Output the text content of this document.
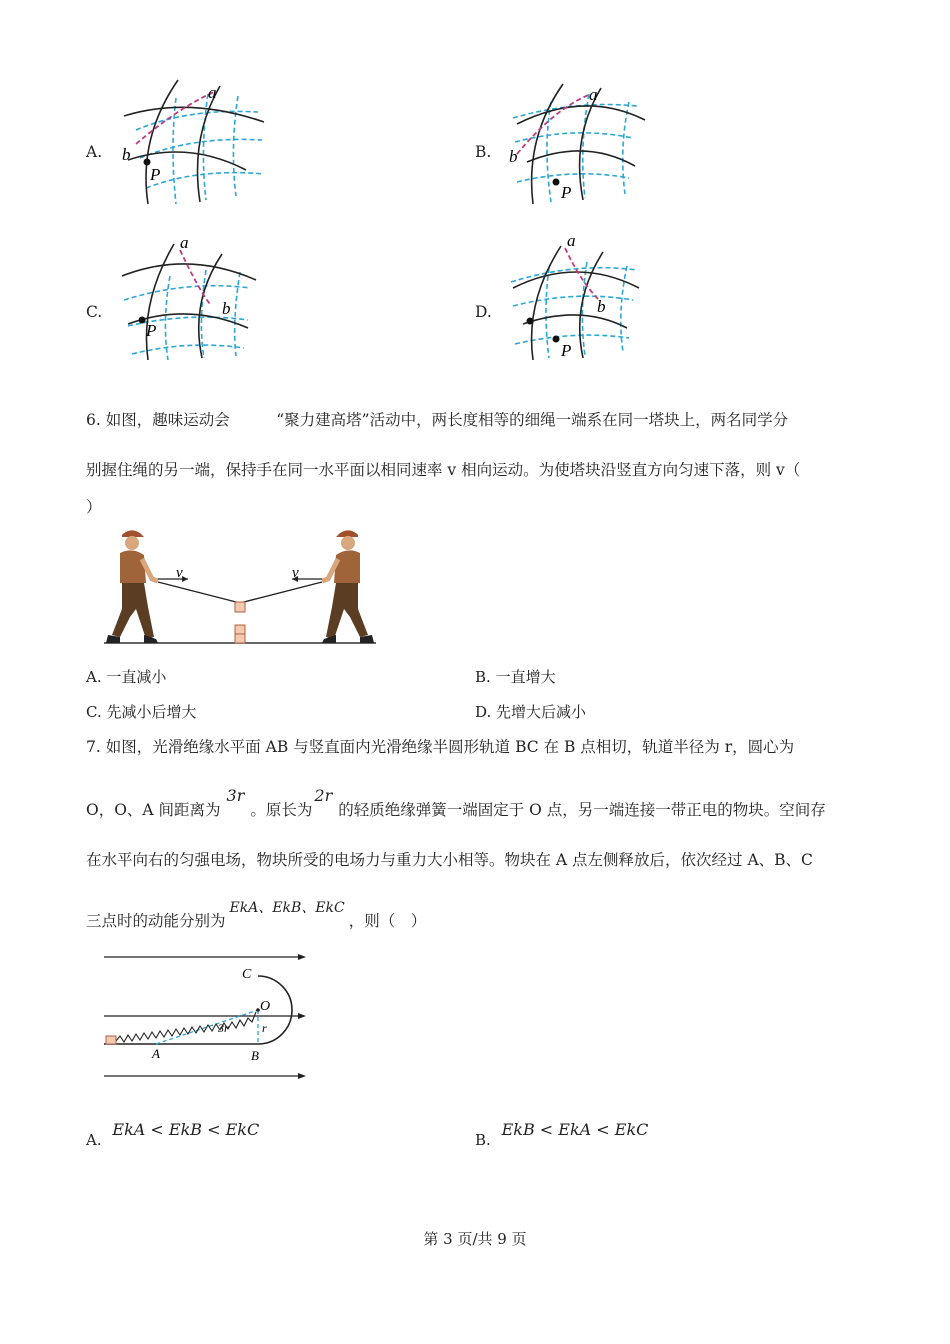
A.
a
b
P
B.
a
b
P
C.
a
b
P
D.
a
b
P
6. 如图，趣味运动会　　　“聚力建高塔”活动中，两长度相等的细绳一端系在同一塔块上，两名同学分
别握住绳的另一端，保持手在同一水平面以相同速率 v 相向运动。为使塔块沿竖直方向匀速下落，则 v（
）
v	v
A. 一直减小	B. 一直增大
C. 先减小后增大	D. 先增大后减小
7. 如图，光滑绝缘水平面 AB 与竖直面内光滑绝缘半圆形轨道 BC 在 B 点相切，轨道半径为 r，圆心为
O，O、A 间距离为3r。原长为2r的轻质绝缘弹簧一端固定于 O 点，另一端连接一带正电的物块。空间存
在水平向右的匀强电场，物块所受的电场力与重力大小相等。物块在 A 点左侧释放后，依次经过 A、B、C
三点时的动能分别为EkA、EkB、EkC，则（　）
C
O
3r	r
A	B
A. EkA < EkB < EkC
B. EkB < EkA < EkC
第 3 页/共 9 页
